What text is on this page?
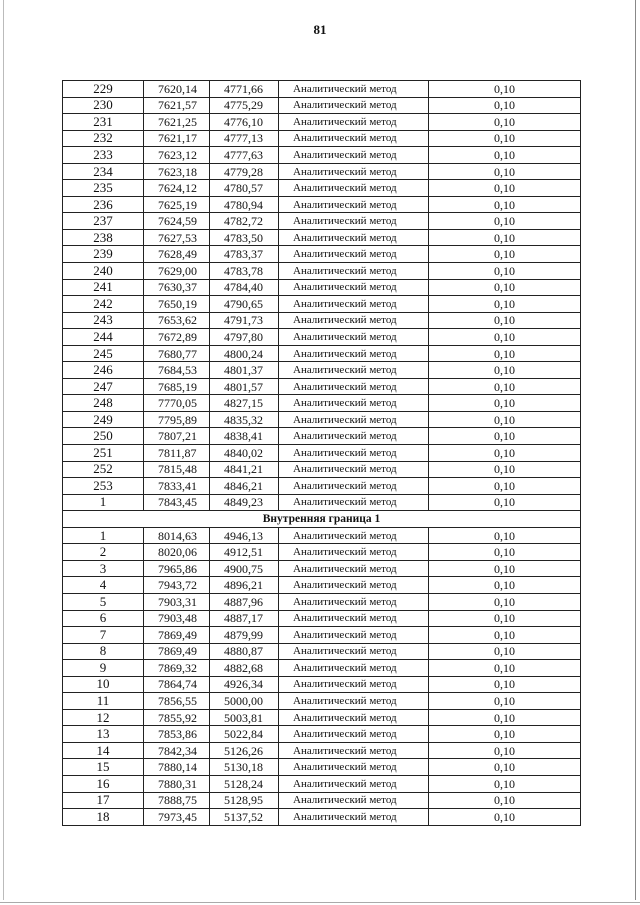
81
229	7620,14	4771,66	Аналитический метод	0,10
230	7621,57	4775,29	Аналитический метод	0,10
231	7621,25	4776,10	Аналитический метод	0,10
232	7621,17	4777,13	Аналитический метод	0,10
233	7623,12	4777,63	Аналитический метод	0,10
234	7623,18	4779,28	Аналитический метод	0,10
235	7624,12	4780,57	Аналитический метод	0,10
236	7625,19	4780,94	Аналитический метод	0,10
237	7624,59	4782,72	Аналитический метод	0,10
238	7627,53	4783,50	Аналитический метод	0,10
239	7628,49	4783,37	Аналитический метод	0,10
240	7629,00	4783,78	Аналитический метод	0,10
241	7630,37	4784,40	Аналитический метод	0,10
242	7650,19	4790,65	Аналитический метод	0,10
243	7653,62	4791,73	Аналитический метод	0,10
244	7672,89	4797,80	Аналитический метод	0,10
245	7680,77	4800,24	Аналитический метод	0,10
246	7684,53	4801,37	Аналитический метод	0,10
247	7685,19	4801,57	Аналитический метод	0,10
248	7770,05	4827,15	Аналитический метод	0,10
249	7795,89	4835,32	Аналитический метод	0,10
250	7807,21	4838,41	Аналитический метод	0,10
251	7811,87	4840,02	Аналитический метод	0,10
252	7815,48	4841,21	Аналитический метод	0,10
253	7833,41	4846,21	Аналитический метод	0,10
1	7843,45	4849,23	Аналитический метод	0,10
Внутренняя граница 1				
1	8014,63	4946,13	Аналитический метод	0,10
2	8020,06	4912,51	Аналитический метод	0,10
3	7965,86	4900,75	Аналитический метод	0,10
4	7943,72	4896,21	Аналитический метод	0,10
5	7903,31	4887,96	Аналитический метод	0,10
6	7903,48	4887,17	Аналитический метод	0,10
7	7869,49	4879,99	Аналитический метод	0,10
8	7869,49	4880,87	Аналитический метод	0,10
9	7869,32	4882,68	Аналитический метод	0,10
10	7864,74	4926,34	Аналитический метод	0,10
11	7856,55	5000,00	Аналитический метод	0,10
12	7855,92	5003,81	Аналитический метод	0,10
13	7853,86	5022,84	Аналитический метод	0,10
14	7842,34	5126,26	Аналитический метод	0,10
15	7880,14	5130,18	Аналитический метод	0,10
16	7880,31	5128,24	Аналитический метод	0,10
17	7888,75	5128,95	Аналитический метод	0,10
18	7973,45	5137,52	Аналитический метод	0,10
